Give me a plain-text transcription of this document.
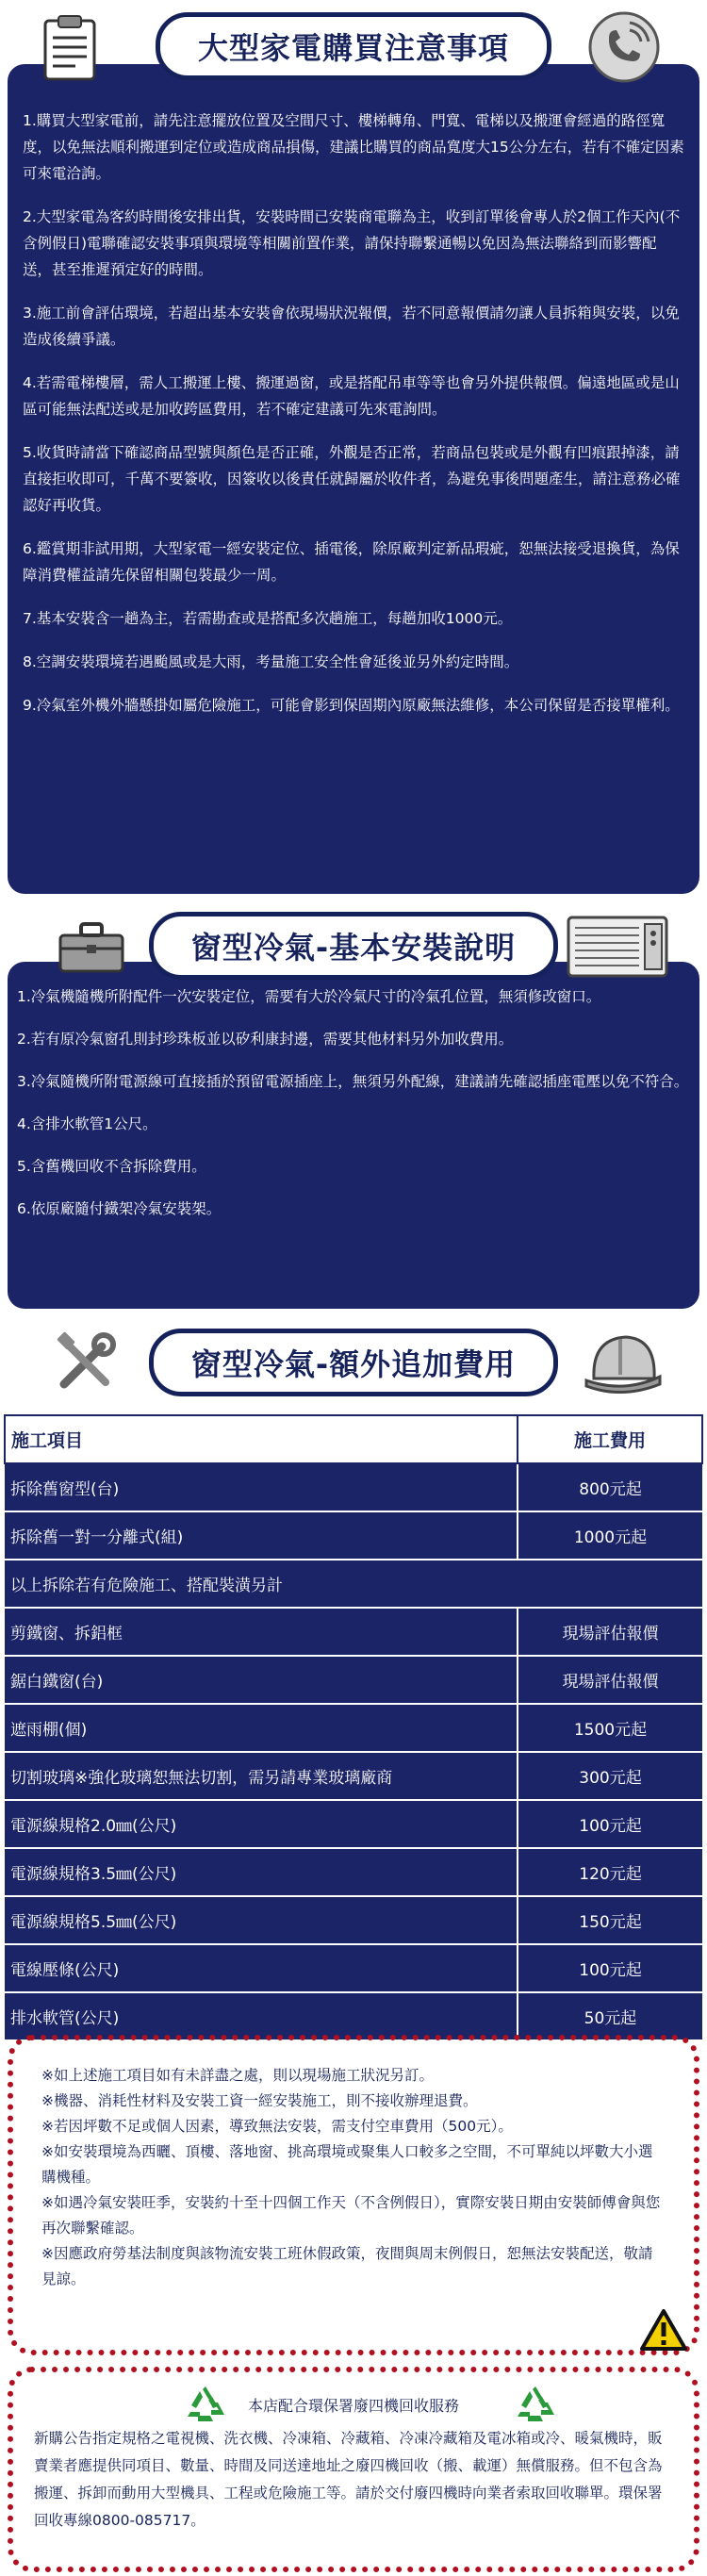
大型家電購買注意事項
1.購買大型家電前，請先注意擺放位置及空間尺寸、樓梯轉角、門寬、電梯以及搬運會經過的路徑寬度，以免無法順利搬運到定位或造成商品損傷，建議比購買的商品寬度大15公分左右，若有不確定因素可來電洽詢。
2.大型家電為客約時間後安排出貨，安裝時間已安裝商電聯為主，收到訂單後會專人於2個工作天內(不含例假日)電聯確認安裝事項與環境等相關前置作業，請保持聯繫通暢以免因為無法聯絡到而影響配送，甚至推遲預定好的時間。
3.施工前會評估環境，若超出基本安裝會依現場狀況報價，若不同意報價請勿讓人員拆箱與安裝，以免造成後續爭議。
4.若需電梯樓層，需人工搬運上樓、搬運過窗，或是搭配吊車等等也會另外提供報價。偏遠地區或是山區可能無法配送或是加收跨區費用，若不確定建議可先來電詢問。
5.收貨時請當下確認商品型號與顏色是否正確，外觀是否正常，若商品包裝或是外觀有凹痕跟掉漆，請直接拒收即可，千萬不要簽收，因簽收以後責任就歸屬於收件者，為避免事後問題產生，請注意務必確認好再收貨。
6.鑑賞期非試用期，大型家電一經安裝定位、插電後，除原廠判定新品瑕疵，恕無法接受退換貨，為保障消費權益請先保留相關包裝最少一周。
7.基本安裝含一趟為主，若需勘查或是搭配多次趟施工，每趟加收1000元。
8.空調安裝環境若遇颱風或是大雨，考量施工安全性會延後並另外約定時間。
9.冷氣室外機外牆懸掛如屬危險施工，可能會影到保固期內原廠無法維修，本公司保留是否接單權利。
窗型冷氣-基本安裝說明
1.冷氣機隨機所附配件一次安裝定位，需要有大於冷氣尺寸的冷氣孔位置，無須修改窗口。
2.若有原冷氣窗孔則封珍珠板並以矽利康封邊，需要其他材料另外加收費用。
3.冷氣隨機所附電源線可直接插於預留電源插座上，無須另外配線，建議請先確認插座電壓以免不符合。
4.含排水軟管1公尺。
5.含舊機回收不含拆除費用。
6.依原廠隨付鐵架冷氣安裝架。
窗型冷氣-額外追加費用
施工項目	施工費用
拆除舊窗型(台)	800元起
拆除舊一對一分離式(組)	1000元起
以上拆除若有危險施工、搭配裝潢另計	
剪鐵窗、拆鋁框	現場評估報價
鋸白鐵窗(台)	現場評估報價
遮雨棚(個)	1500元起
切割玻璃※強化玻璃恕無法切割，需另請專業玻璃廠商	300元起
電源線規格2.0㎜(公尺)	100元起
電源線規格3.5㎜(公尺)	120元起
電源線規格5.5㎜(公尺)	150元起
電線壓條(公尺)	100元起
排水軟管(公尺)	50元起

※如上述施工項目如有未詳盡之處，則以現場施工狀況另訂。

※機器、消耗性材料及安裝工資一經安裝施工，則不接收辦理退費。

※若因坪數不足或個人因素，導致無法安裝，需支付空車費用（500元）。

※如安裝環境為西曬、頂樓、落地窗、挑高環境或聚集人口較多之空間，不可單純以坪數大小選購機種。

※如遇冷氣安裝旺季，安裝約十至十四個工作天（不含例假日），實際安裝日期由安裝師傅會與您再次聯繫確認。

※因應政府勞基法制度與該物流安裝工班休假政策，夜間與周末例假日，恕無法安裝配送，敬請見諒。

本店配合環保署廢四機回收服務

新購公告指定規格之電視機、洗衣機、冷凍箱、冷藏箱、冷凍冷藏箱及電冰箱或冷、暖氣機時，販賣業者應提供同項目、數量、時間及同送達地址之廢四機回收（搬、載運）無償服務。但不包含為搬運、拆卸而動用大型機具、工程或危險施工等。請於交付廢四機時向業者索取回收聯單。環保署回收專線0800-085717。
